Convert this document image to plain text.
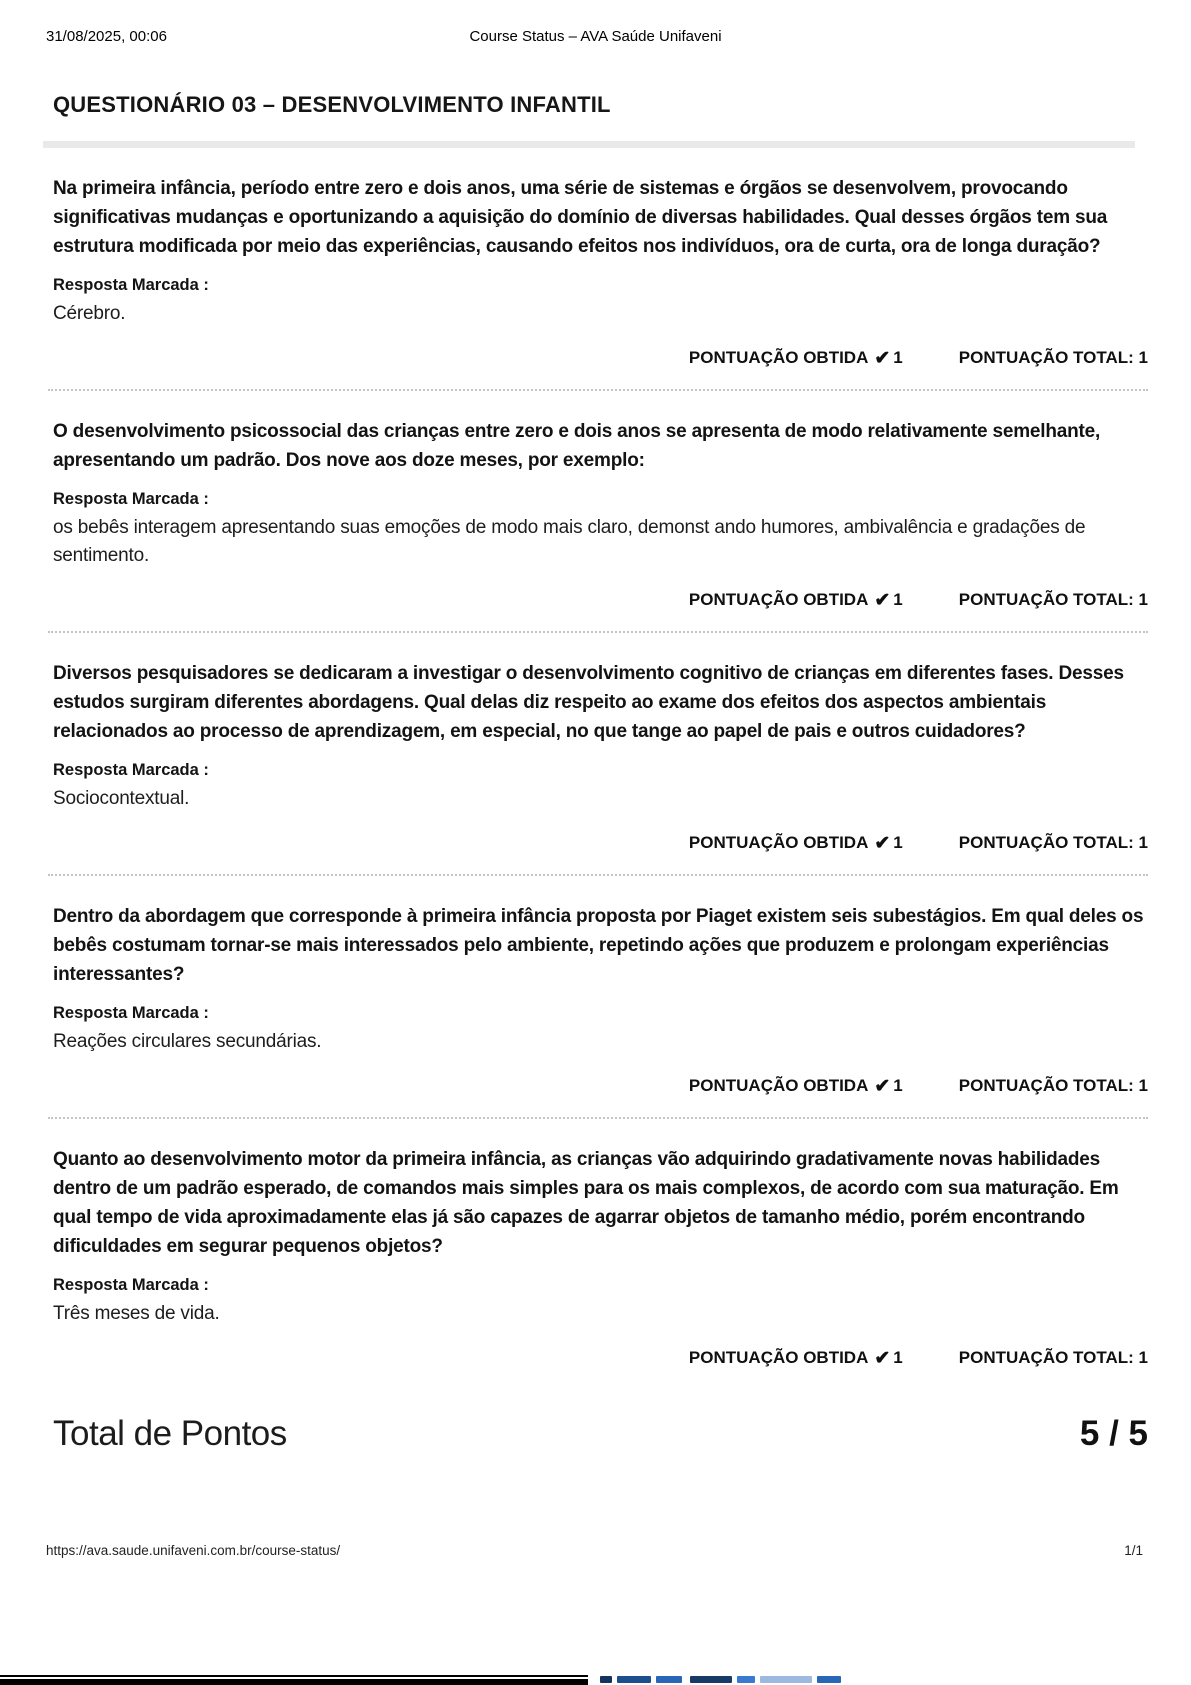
31/08/2025, 00:06	Course Status – AVA Saúde Unifaveni
QUESTIONÁRIO 03 – DESENVOLVIMENTO INFANTIL

Na primeira infância, período entre zero e dois anos, uma série de sistemas e órgãos se desenvolvem, provocando significativas mudanças e oportunizando a aquisição do domínio de diversas habilidades. Qual desses órgãos tem sua estrutura modificada por meio das experiências, causando efeitos nos indivíduos, ora de curta, ora de longa duração?

Resposta Marcada :

Cérebro.

PONTUAÇÃO OBTIDA ✔ 1	PONTUAÇÃO TOTAL: 1

O desenvolvimento psicossocial das crianças entre zero e dois anos se apresenta de modo relativamente semelhante, apresentando um padrão. Dos nove aos doze meses, por exemplo:

Resposta Marcada :

os bebês interagem apresentando suas emoções de modo mais claro, demonst ando humores, ambivalência e gradações de sentimento.

PONTUAÇÃO OBTIDA ✔ 1	PONTUAÇÃO TOTAL: 1

Diversos pesquisadores se dedicaram a investigar o desenvolvimento cognitivo de crianças em diferentes fases. Desses estudos surgiram diferentes abordagens. Qual delas diz respeito ao exame dos efeitos dos aspectos ambientais relacionados ao processo de aprendizagem, em especial, no que tange ao papel de pais e outros cuidadores?

Resposta Marcada :

Sociocontextual.

PONTUAÇÃO OBTIDA ✔ 1	PONTUAÇÃO TOTAL: 1

Dentro da abordagem que corresponde à primeira infância proposta por Piaget existem seis subestágios. Em qual deles os bebês costumam tornar-se mais interessados pelo ambiente, repetindo ações que produzem e prolongam experiências interessantes?

Resposta Marcada :

Reações circulares secundárias.

PONTUAÇÃO OBTIDA ✔ 1	PONTUAÇÃO TOTAL: 1

Quanto ao desenvolvimento motor da primeira infância, as crianças vão adquirindo gradativamente novas habilidades dentro de um padrão esperado, de comandos mais simples para os mais complexos, de acordo com sua maturação. Em qual tempo de vida aproximadamente elas já são capazes de agarrar objetos de tamanho médio, porém encontrando dificuldades em segurar pequenos objetos?

Resposta Marcada :

Três meses de vida.

PONTUAÇÃO OBTIDA ✔ 1	PONTUAÇÃO TOTAL: 1
Total de Pontos	5 / 5
https://ava.saude.unifaveni.com.br/course-status/	1/1
